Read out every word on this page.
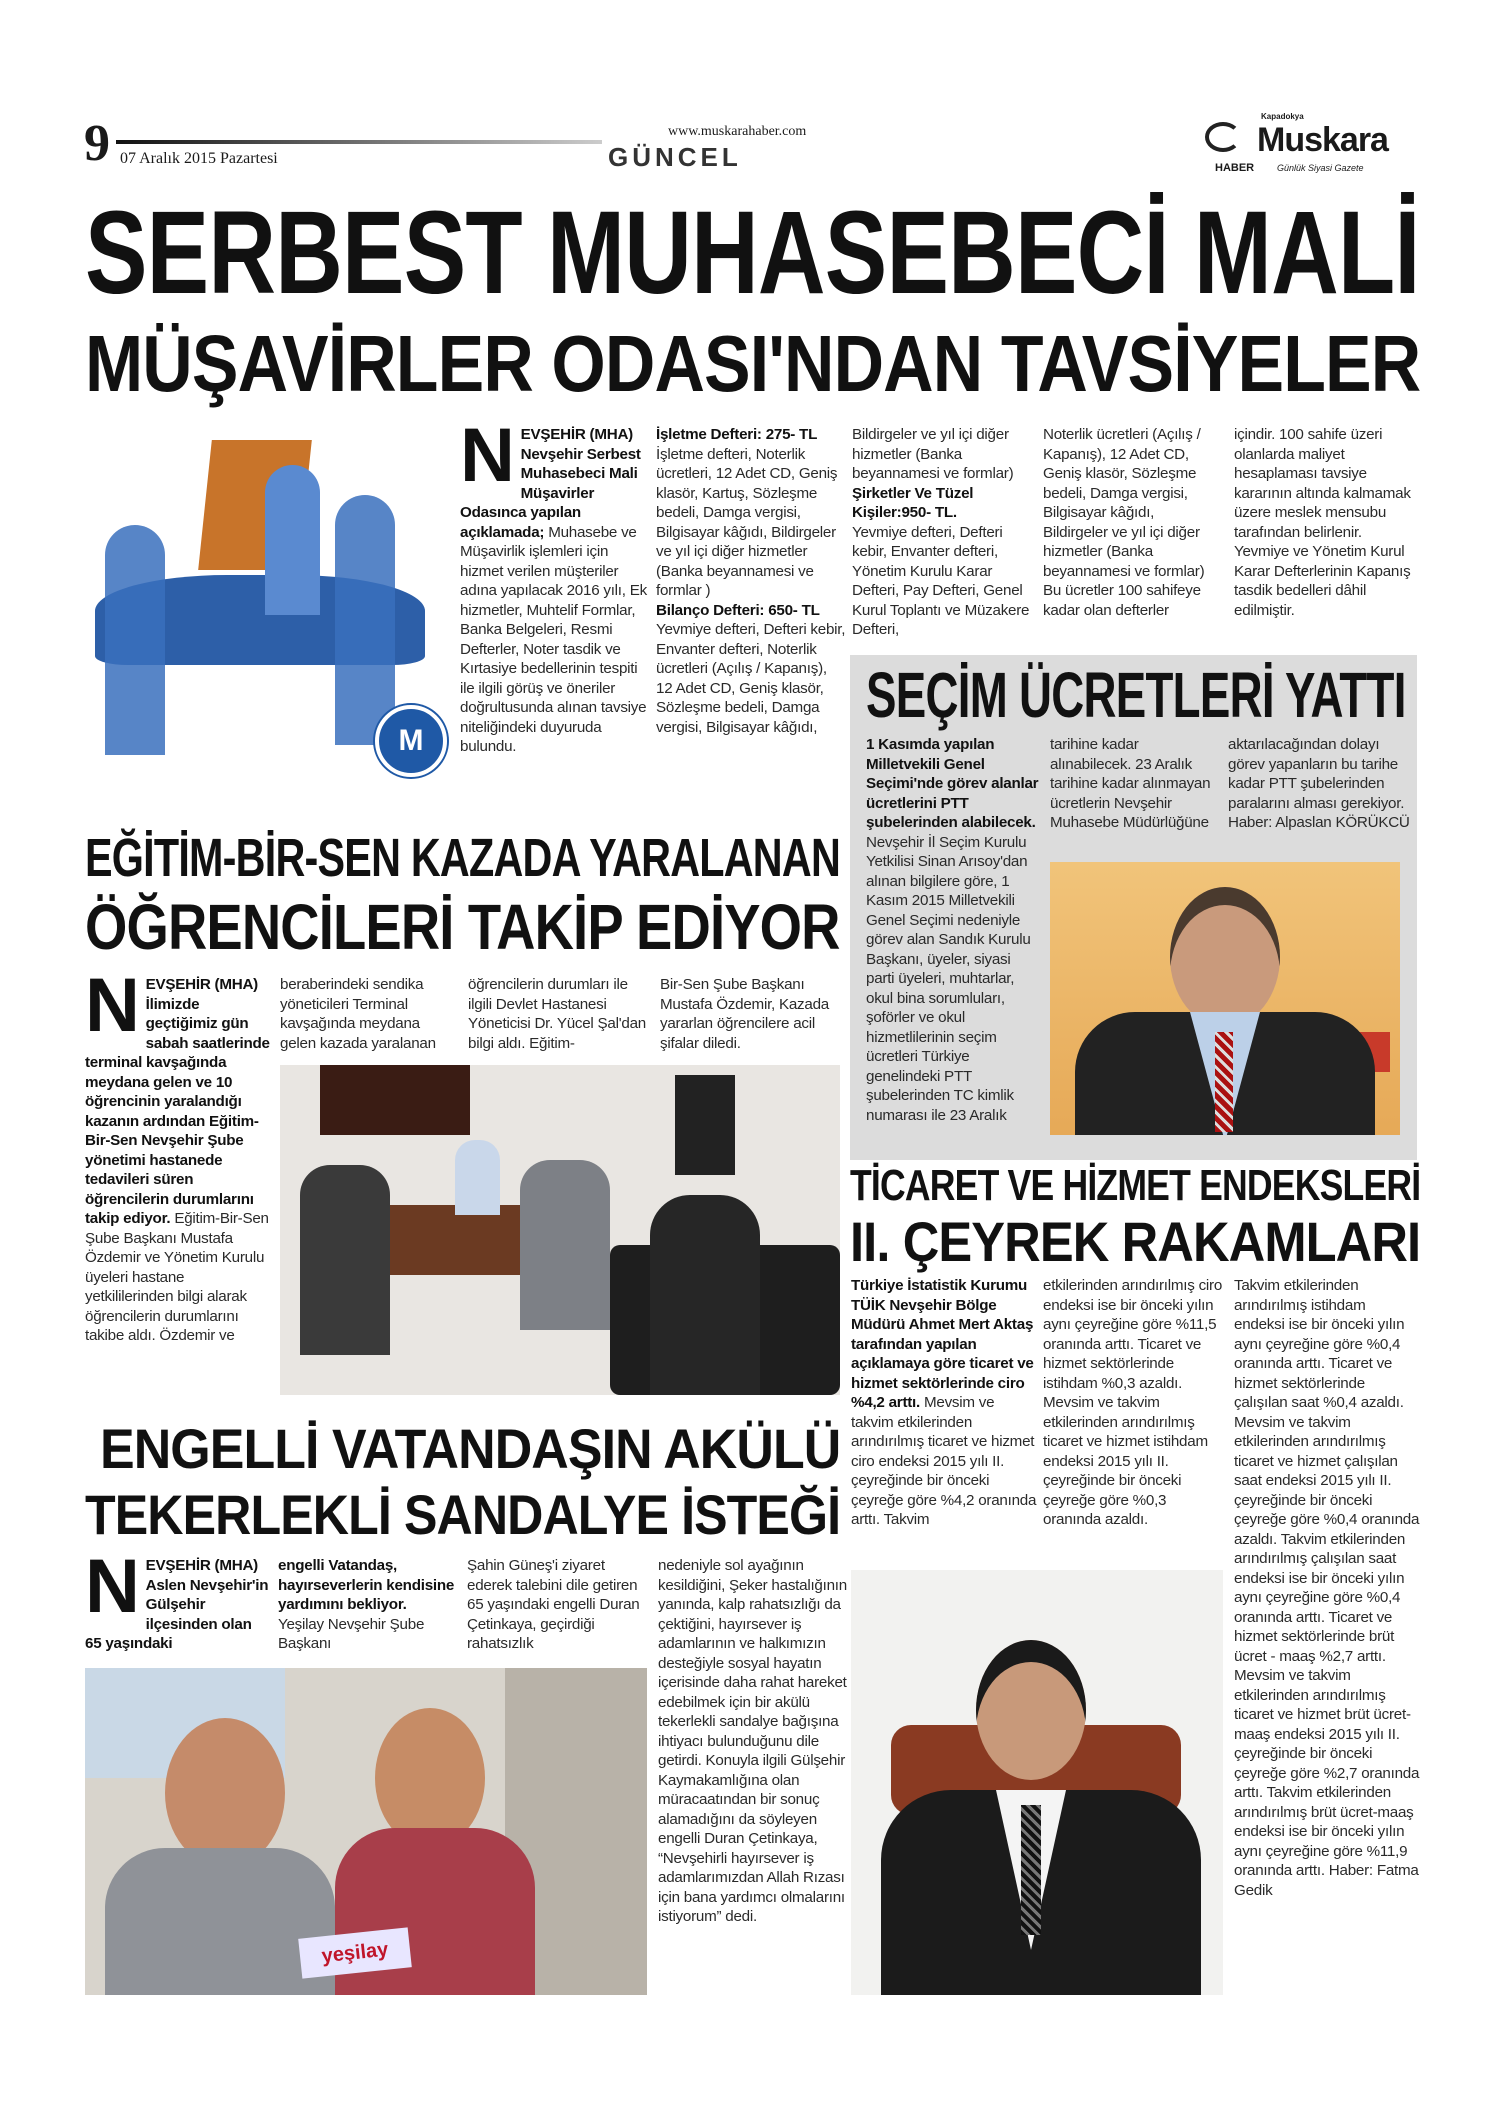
9 07 Aralık 2015 Pazartesi	GÜNCEL
www.muskarahaber.com
Kapadokya
Muskara
HABER	Günlük Siyasi Gazete
SERBEST MUHASEBECİ MALİ
MÜŞAVİRLER ODASI'NDAN TAVSİYELER
M
NEVŞEHİR (MHA) Nevşehir Serbest Muhasebeci Mali Müşavirler Odasınca yapılan açıklamada; Muhasebe ve Müşavirlik işlemleri için hizmet verilen müşteriler adına yapılacak 2016 yılı, Ek hizmetler, Muhtelif Formlar, Banka Belgeleri, Resmi Defterler, Noter tasdik ve Kırtasiye bedellerinin tespiti ile ilgili görüş ve öneriler doğrultusunda alınan tavsiye niteliğindeki duyuruda bulundu.
İşletme Defteri: 275- TL
İşletme defteri, Noterlik ücretleri, 12 Adet CD, Geniş klasör, Kartuş, Sözleşme bedeli, Damga vergisi, Bilgisayar kâğıdı, Bildirgeler ve yıl içi diğer hizmetler (Banka beyannamesi ve formlar )
Bilanço Defteri: 650- TL
Yevmiye defteri, Defteri kebir, Envanter defteri, Noterlik ücretleri (Açılış / Kapanış), 12 Adet CD, Geniş klasör, Sözleşme bedeli, Damga vergisi, Bilgisayar kâğıdı,
Bildirgeler ve yıl içi diğer hizmetler (Banka beyannamesi ve formlar)
Şirketler Ve Tüzel Kişiler:950- TL.
Yevmiye defteri, Defteri kebir, Envanter defteri, Yönetim Kurulu Karar Defteri, Pay Defteri, Genel Kurul Toplantı ve Müzakere Defteri,
Noterlik ücretleri (Açılış / Kapanış), 12 Adet CD, Geniş klasör, Sözleşme bedeli, Damga vergisi, Bilgisayar kâğıdı, Bildirgeler ve yıl içi diğer hizmetler (Banka beyannamesi ve formlar) Bu ücretler 100 sahifeye kadar olan defterler
içindir. 100 sahife üzeri olanlarda maliyet hesaplaması tavsiye kararının altında kalmamak üzere meslek mensubu tarafından belirlenir. Yevmiye ve Yönetim Kurul Karar Defterlerinin Kapanış tasdik bedelleri dâhil edilmiştir.
SEÇİM ÜCRETLERİ YATTI
1 Kasımda yapılan Milletvekili Genel Seçimi'nde görev alanlar ücretlerini PTT şubelerinden alabilecek. Nevşehir İl Seçim Kurulu Yetkilisi Sinan Arısoy'dan alınan bilgilere göre, 1 Kasım 2015 Milletvekili Genel Seçimi nedeniyle görev alan Sandık Kurulu Başkanı, üyeler, siyasi parti üyeleri, muhtarlar, okul bina sorumluları, şoförler ve okul hizmetlilerinin seçim ücretleri Türkiye genelindeki PTT şubelerinden TC kimlik numarası ile 23 Aralık
tarihine kadar alınabilecek. 23 Aralık tarihine kadar alınmayan ücretlerin Nevşehir Muhasebe Müdürlüğüne
aktarılacağından dolayı görev yapanların bu tarihe kadar PTT şubelerinden paralarını alması gerekiyor. Haber: Alpaslan KÖRÜKCÜ
EĞİTİM-BİR-SEN KAZADA YARALANAN
ÖĞRENCİLERİ TAKİP EDİYOR
NEVŞEHİR (MHA) İlimizde geçtiğimiz gün sabah saatlerinde terminal kavşağında meydana gelen ve 10 öğrencinin yaralandığı kazanın ardından Eğitim-Bir-Sen Nevşehir Şube yönetimi hastanede tedavileri süren öğrencilerin durumlarını takip ediyor. Eğitim-Bir-Sen Şube Başkanı Mustafa Özdemir ve Yönetim Kurulu üyeleri hastane yetkililerinden bilgi alarak öğrencilerin durumlarını takibe aldı. Özdemir ve
beraberindeki sendika yöneticileri Terminal kavşağında meydana gelen kazada yaralanan
öğrencilerin durumları ile ilgili Devlet Hastanesi Yöneticisi Dr. Yücel Şal'dan bilgi aldı. Eğitim-
Bir-Sen Şube Başkanı Mustafa Özdemir, Kazada yararlan öğrencilere acil şifalar diledi.
TİCARET VE HİZMET ENDEKSLERİ
II. ÇEYREK RAKAMLARI
Türkiye İstatistik Kurumu TÜİK Nevşehir Bölge Müdürü Ahmet Mert Aktaş tarafından yapılan açıklamaya göre ticaret ve hizmet sektörlerinde ciro %4,2 arttı. Mevsim ve takvim etkilerinden arındırılmış ticaret ve hizmet ciro endeksi 2015 yılı II. çeyreğinde bir önceki çeyreğe göre %4,2 oranında arttı. Takvim
etkilerinden arındırılmış ciro endeksi ise bir önceki yılın aynı çeyreğine göre %11,5 oranında arttı. Ticaret ve hizmet sektörlerinde istihdam %0,3 azaldı. Mevsim ve takvim etkilerinden arındırılmış ticaret ve hizmet istihdam endeksi 2015 yılı II. çeyreğinde bir önceki çeyreğe göre %0,3 oranında azaldı.
Takvim etkilerinden arındırılmış istihdam endeksi ise bir önceki yılın aynı çeyreğine göre %0,4 oranında arttı. Ticaret ve hizmet sektörlerinde çalışılan saat %0,4 azaldı. Mevsim ve takvim etkilerinden arındırılmış ticaret ve hizmet çalışılan saat endeksi 2015 yılı II. çeyreğinde bir önceki çeyreğe göre %0,4 oranında azaldı. Takvim etkilerinden arındırılmış çalışılan saat endeksi ise bir önceki yılın aynı çeyreğine göre %0,4 oranında arttı. Ticaret ve hizmet sektörlerinde brüt ücret - maaş %2,7 arttı. Mevsim ve takvim etkilerinden arındırılmış ticaret ve hizmet brüt ücret-maaş endeksi 2015 yılı II. çeyreğinde bir önceki çeyreğe göre %2,7 oranında arttı. Takvim etkilerinden arındırılmış brüt ücret-maaş endeksi ise bir önceki yılın aynı çeyreğine göre %11,9 oranında arttı. Haber: Fatma Gedik
ENGELLİ VATANDAŞIN AKÜLÜ
TEKERLEKLİ SANDALYE İSTEĞİ
NEVŞEHİR (MHA) Aslen Nevşehir'in Gülşehir ilçesinden olan 65 yaşındaki
engelli Vatandaş, hayırseverlerin kendisine yardımını bekliyor. Yeşilay Nevşehir Şube Başkanı
Şahin Güneş'i ziyaret ederek talebini dile getiren 65 yaşındaki engelli Duran Çetinkaya, geçirdiği rahatsızlık
nedeniyle sol ayağının kesildiğini, Şeker hastalığının yanında, kalp rahatsızlığı da çektiğini, hayırsever iş adamlarının ve halkımızın desteğiyle sosyal hayatın içerisinde daha rahat hareket edebilmek için bir akülü tekerlekli sandalye bağışına ihtiyacı bulunduğunu dile getirdi. Konuyla ilgili Gülşehir Kaymakamlığına olan müracaatından bir sonuç alamadığını da söyleyen engelli Duran Çetinkaya, “Nevşehirli hayırsever iş adamlarımızdan Allah Rızası için bana yardımcı olmalarını istiyorum” dedi.
yeşilay
